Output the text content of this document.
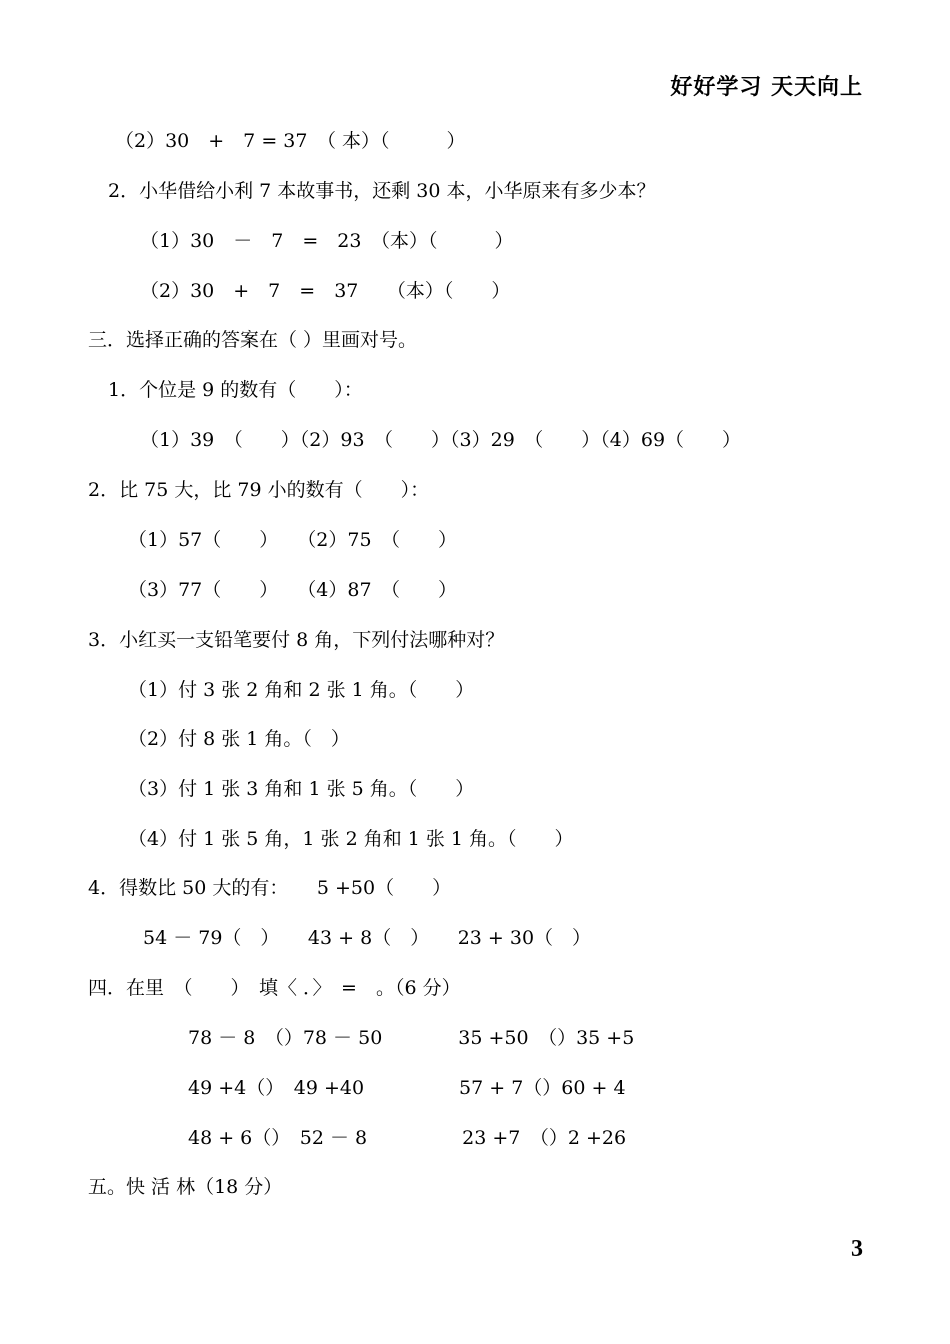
好好学习 天天向上
（2）30　+　7 = 37　（ 本）（　　　）
2．小华借给小利 7 本故事书，还剩 30 本，小华原来有多少本？
（1）30　－　7　=　23　（本）（　　　）
（2）30　+　7　=　37　　（本）（　　）
三．选择正确的答案在（ ）里画对号。
1．个位是 9 的数有（　　）：
（1）39　（　　）（2）93　（　　）（3）29　（　　）（4）69（　　）
2．比 75 大，比 79 小的数有（　　）：
（1）57（　　）　　（2）75　（　　）
（3）77（　　）　　（4）87　（　　）
3．小红买一支铅笔要付 8 角，下列付法哪种对？
（1）付 3 张 2 角和 2 张 1 角。（　　）
（2）付 8 张 1 角。（　）
（3）付 1 张 3 角和 1 张 5 角。（　　）
（4）付 1 张 5 角，1 张 2 角和 1 张 1 角。（　　）
4．得数比 50 大的有：　　5 +50（　　）
54 － 79（　）　　43 + 8（　）　　23 + 30（　）
四．在里　（　　）　填〈 ．〉　=　。（6 分）
78 － 8　（）78 － 50　　　　35 +50　（）35 +5
49 +4（）　49 +40　　　　　57 + 7（）60 + 4
48 + 6（）　52 － 8　　　　　23 +7　（）2 +26
五。快 活 林（18 分）
3
